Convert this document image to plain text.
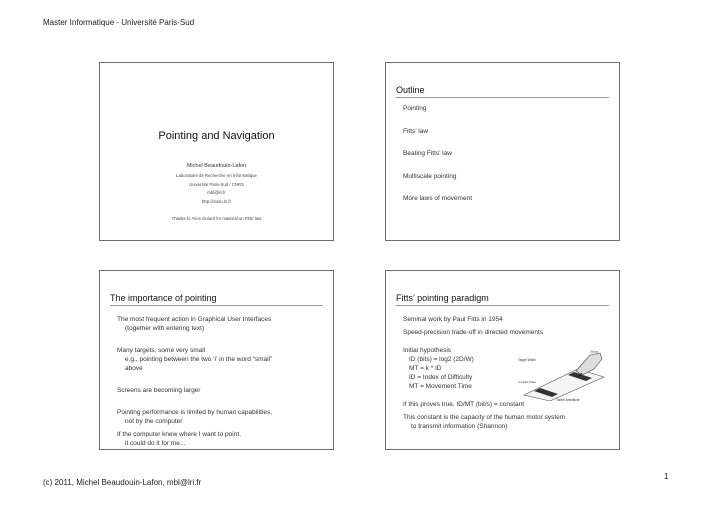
Master Informatique - Université Paris-Sud
Pointing and Navigation
Michel Beaudouin-Lafon
Laboratoire de Recherche en Informatique
Université Paris-Sud / CNRS
mbl@lri.fr
http://insitu.lri.fr
Thanks to Yves Guiard for material on Fitts’ law
Outline
Pointing
Fitts’ law
Beating Fitts’ law
Multiscale pointing
More laws of movement
The importance of pointing
The most frequent action in Graphical User Interfaces
(together with entering text)
Many targets, some very small
e.g., pointing between the two ‘i’ in the word “small”
above
Screens are becoming larger
Pointing performance is limited by human capabilities,
not by the computer
If the computer knew where I want to point,
it could do it for me...
Fitts’ pointing paradigm
Seminal work by Paul Fitts in 1954
Speed-precision trade-off in directed movements
Initial hypothesis
ID (bits) = log2 (2D/W)
MT = k * ID
ID = Index of Difficulty
MT = Movement Time
If this proves true, ID/MT (bit/s) = constant
This constant is the capacity of the human motor system
to transmit information (Shannon)
Target Width
Target Amplitude
Stylus
Contact Plate
1
(c) 2011, Michel Beaudouin-Lafon, mbl@lri.fr
